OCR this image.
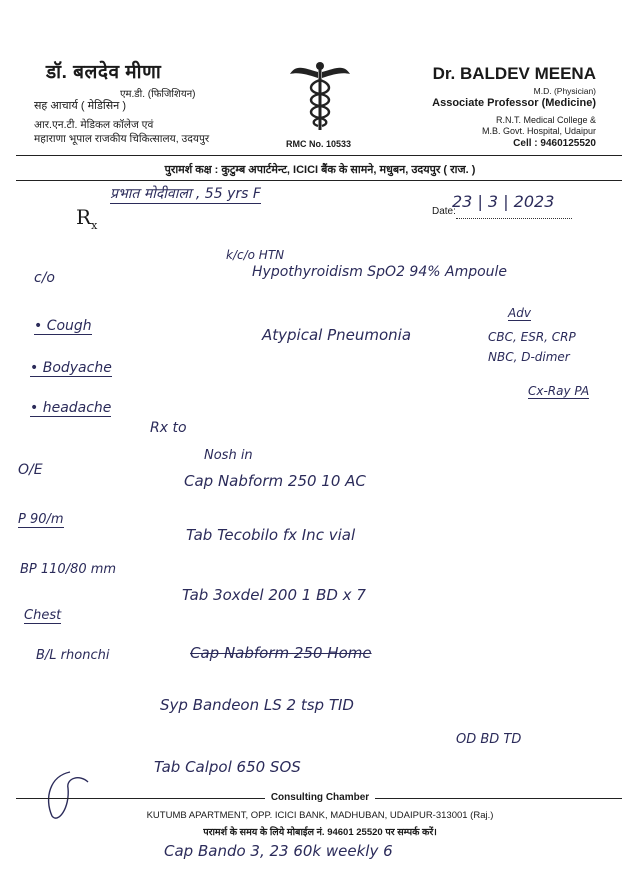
डॉ. बलदेव मीणा
एम.डी. (फिजिशियन)
सह आचार्य ( मेडिसिन )
आर.एन.टी. मेडिकल कॉलेज एवं
महाराणा भूपाल राजकीय चिकित्सालय, उदयपुर
Dr. BALDEV MEENA
M.D. (Physician)
Associate Professor (Medicine)
R.N.T. Medical College &
M.B. Govt. Hospital, Udaipur
Cell : 9460125520
RMC No. 10533
पुरामर्श कक्ष : कुटुम्ब अपार्टमेन्ट, ICICI बैंक के सामने, मधुबन, उदयपुर ( राज. )
$R_x$
Date:
प्रभात मोदीवाला , 55 yrs F	23 | 3 | 2023
c/o
• Cough
• Bodyache
• headache
k/c/o HTN
Hypothyroidism SpO2 94% Ampoule
Atypical Pneumonia
Adv
CBC, ESR, CRP
NBC, D-dimer
Cx-Ray PA
Rx to
Nosh in
O/E
P 90/m
BP 110/80 mm
Chest
B/L rhonchi
Cap Nabform 250 10 AC
Tab Tecobilo fx Inc vial
Tab 3oxdel 200 1 BD x 7
Cap Nabform 250 Home
Syp Bandeon LS 2 tsp TID
OD BD TD
Tab Calpol 650 SOS
Consulting Chamber
KUTUMB APARTMENT, OPP. ICICI BANK, MADHUBAN, UDAIPUR-313001 (Raj.)
परामर्श के समय के लिये मोबाईल नं. 94601 25520 पर सम्पर्क करें।
Cap Bando 3, 23 60k weekly 6
